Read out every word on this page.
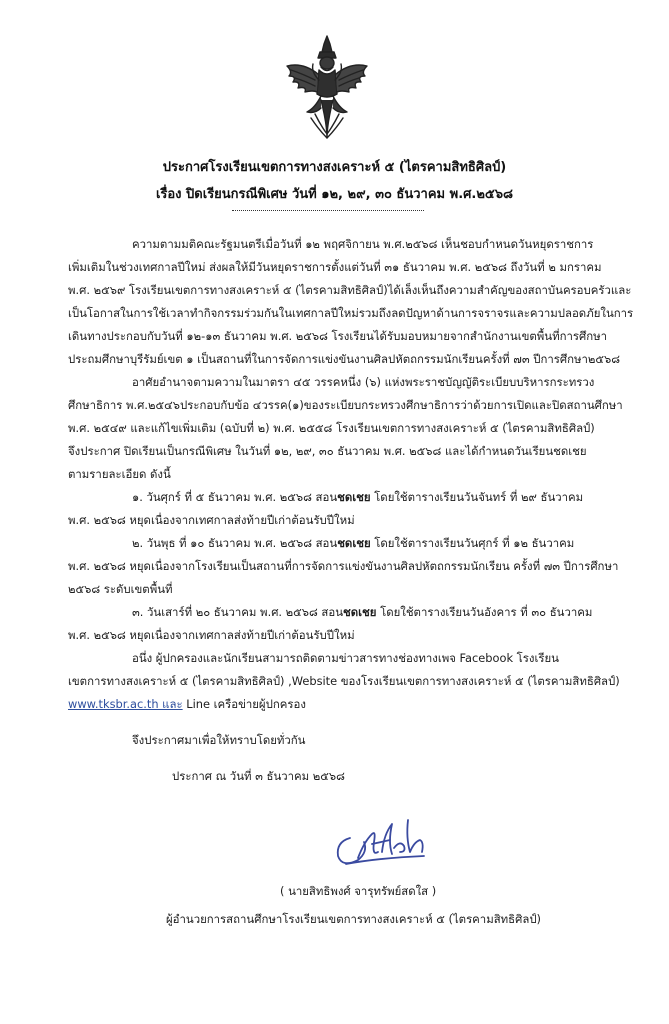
ประกาศโรงเรียนเขตการทางสงเคราะห์ ๕ (ไตรคามสิทธิศิลป์)
เรื่อง ปิดเรียนกรณีพิเศษ วันที่ ๑๒, ๒๙, ๓๐ ธันวาคม พ.ศ.๒๕๖๘
ความตามมติคณะรัฐมนตรีเมื่อวันที่ ๑๒ พฤศจิกายน พ.ศ.๒๕๖๘ เห็นชอบกำหนดวันหยุดราชการ
เพิ่มเติมในช่วงเทศกาลปีใหม่ ส่งผลให้มีวันหยุดราชการตั้งแต่วันที่ ๓๑ ธันวาคม พ.ศ. ๒๕๖๘ ถึงวันที่ ๒ มกราคม
พ.ศ. ๒๕๖๙ โรงเรียนเขตการทางสงเคราะห์ ๕ (ไตรคามสิทธิศิลป์)ได้เล็งเห็นถึงความสำคัญของสถาบันครอบครัวและ
เป็นโอกาสในการใช้เวลาทำกิจกรรมร่วมกันในเทศกาลปีใหม่รวมถึงลดปัญหาด้านการจราจรและความปลอดภัยในการ
เดินทางประกอบกับวันที่ ๑๒-๑๓ ธันวาคม พ.ศ. ๒๕๖๘ โรงเรียนได้รับมอบหมายจากสำนักงานเขตพื้นที่การศึกษา
ประถมศึกษาบุรีรัมย์เขต ๑ เป็นสถานที่ในการจัดการแข่งขันงานศิลปหัตถกรรมนักเรียนครั้งที่ ๗๓ ปีการศึกษา๒๕๖๘
อาศัยอำนาจตามความในมาตรา ๔๕ วรรคหนึ่ง (๖) แห่งพระราชบัญญัติระเบียบบริหารกระทรวง
ศึกษาธิการ พ.ศ.๒๕๔๖ประกอบกับข้อ ๔วรรค(๑)ของระเบียบกระทรวงศึกษาธิการว่าด้วยการเปิดและปิดสถานศึกษา
พ.ศ. ๒๕๔๙ และแก้ไขเพิ่มเติม (ฉบับที่ ๒) พ.ศ. ๒๕๕๘ โรงเรียนเขตการทางสงเคราะห์ ๕ (ไตรคามสิทธิศิลป์)
จึงประกาศ ปิดเรียนเป็นกรณีพิเศษ ในวันที่ ๑๒, ๒๙, ๓๐ ธันวาคม พ.ศ. ๒๕๖๘ และได้กำหนดวันเรียนชดเชย
ตามรายละเอียด ดังนี้
๑. วันศุกร์ ที่ ๕ ธันวาคม พ.ศ. ๒๕๖๘ สอนชดเชย โดยใช้ตารางเรียนวันจันทร์ ที่ ๒๙ ธันวาคม
พ.ศ. ๒๕๖๘ หยุดเนื่องจากเทศกาลส่งท้ายปีเก่าต้อนรับปีใหม่
๒. วันพุธ ที่ ๑๐ ธันวาคม พ.ศ. ๒๕๖๘ สอนชดเชย โดยใช้ตารางเรียนวันศุกร์ ที่ ๑๒ ธันวาคม
พ.ศ. ๒๕๖๘ หยุดเนื่องจากโรงเรียนเป็นสถานที่การจัดการแข่งขันงานศิลปหัตถกรรมนักเรียน ครั้งที่ ๗๓ ปีการศึกษา
๒๕๖๘ ระดับเขตพื้นที่
๓. วันเสาร์ที่ ๒๐ ธันวาคม พ.ศ. ๒๕๖๘ สอนชดเชย โดยใช้ตารางเรียนวันอังคาร ที่ ๓๐ ธันวาคม
พ.ศ. ๒๕๖๘ หยุดเนื่องจากเทศกาลส่งท้ายปีเก่าต้อนรับปีใหม่
อนึ่ง ผู้ปกครองและนักเรียนสามารถติดตามข่าวสารทางช่องทางเพจ Facebook โรงเรียน
เขตการทางสงเคราะห์ ๕ (ไตรคามสิทธิศิลป์) ,Website ของโรงเรียนเขตการทางสงเคราะห์ ๕ (ไตรคามสิทธิศิลป์)
www.tksbr.ac.th และ Line เครือข่ายผู้ปกครอง
จึงประกาศมาเพื่อให้ทราบโดยทั่วกัน
ประกาศ ณ วันที่ ๓ ธันวาคม ๒๕๖๘
( นายสิทธิพงศ์ จารุทรัพย์สดใส )
ผู้อำนวยการสถานศึกษาโรงเรียนเขตการทางสงเคราะห์ ๕ (ไตรคามสิทธิศิลป์)
